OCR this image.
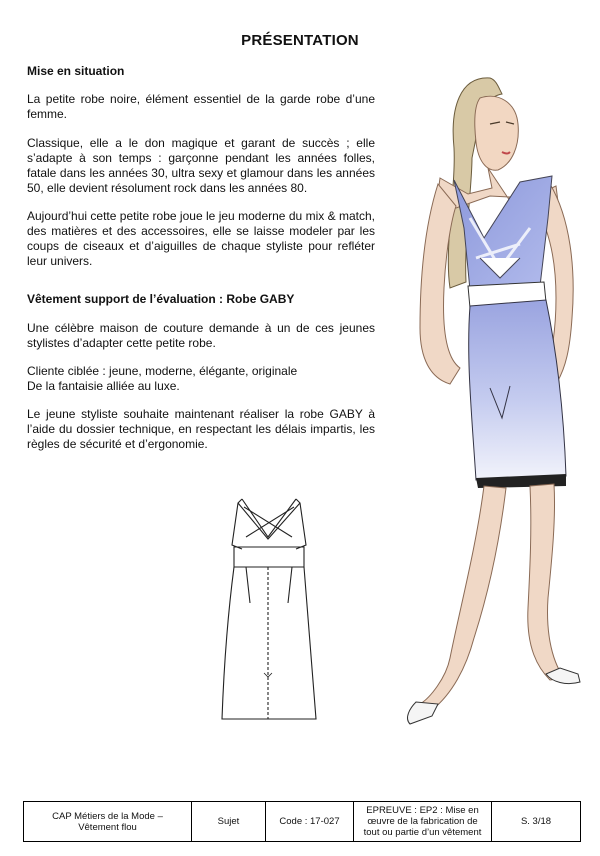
PRÉSENTATION
Mise en situation
La petite robe noire, élément essentiel de la garde robe d’une femme.
Classique, elle a le don magique et garant de succès ; elle s’adapte à son temps : garçonne pendant les années folles, fatale dans les années 30, ultra sexy et glamour dans les années 50, elle devient résolument rock dans les années 80.
Aujourd’hui cette petite robe joue le jeu moderne du mix & match, des matières et des accessoires, elle se laisse modeler par les coups de ciseaux et d’aiguilles de chaque styliste pour refléter leur univers.
Vêtement support de l’évaluation : Robe GABY
Une célèbre maison de couture demande à un de ces jeunes stylistes d’adapter cette petite robe.
Cliente ciblée : jeune, moderne, élégante, originale
De la fantaisie alliée au luxe.
Le jeune styliste souhaite maintenant réaliser la robe GABY à l’aide du dossier technique, en respectant les délais impartis, les règles de sécurité et d’ergonomie.
CAP Métiers de la Mode –
Vêtement flou	Sujet	Code : 17-027
EPREUVE : EP2 : Mise en
œuvre de la fabrication de
tout ou partie d’un vêtement
S. 3/18
